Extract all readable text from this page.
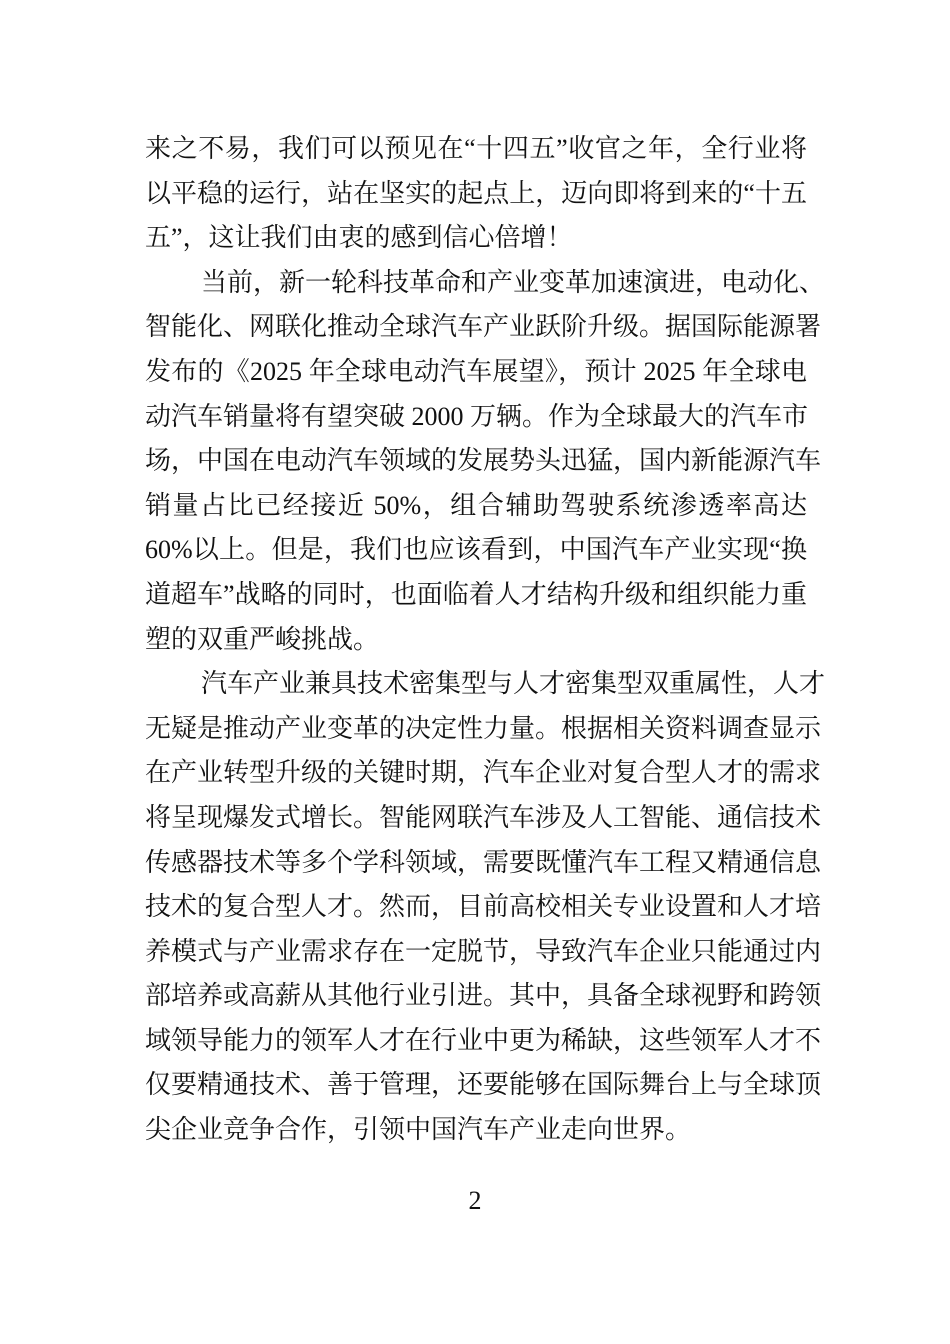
来之不易，我们可以预见在“十四五”收官之年，全行业将
以平稳的运行，站在坚实的起点上，迈向即将到来的“十五
五”，这让我们由衷的感到信心倍增！
当前，新一轮科技革命和产业变革加速演进，电动化、
智能化、网联化推动全球汽车产业跃阶升级。据国际能源署
发布的《2025 年全球电动汽车展望》，预计 2025 年全球电
动汽车销量将有望突破 2000 万辆。作为全球最大的汽车市
场，中国在电动汽车领域的发展势头迅猛，国内新能源汽车
销量占比已经接近 50%，组合辅助驾驶系统渗透率高达
60%以上。但是，我们也应该看到，中国汽车产业实现“换
道超车”战略的同时，也面临着人才结构升级和组织能力重
塑的双重严峻挑战。
汽车产业兼具技术密集型与人才密集型双重属性，人才
无疑是推动产业变革的决定性力量。根据相关资料调查显示
在产业转型升级的关键时期，汽车企业对复合型人才的需求
将呈现爆发式增长。智能网联汽车涉及人工智能、通信技术
传感器技术等多个学科领域，需要既懂汽车工程又精通信息
技术的复合型人才。然而，目前高校相关专业设置和人才培
养模式与产业需求存在一定脱节，导致汽车企业只能通过内
部培养或高薪从其他行业引进。其中，具备全球视野和跨领
域领导能力的领军人才在行业中更为稀缺，这些领军人才不
仅要精通技术、善于管理，还要能够在国际舞台上与全球顶
尖企业竞争合作，引领中国汽车产业走向世界。
2
